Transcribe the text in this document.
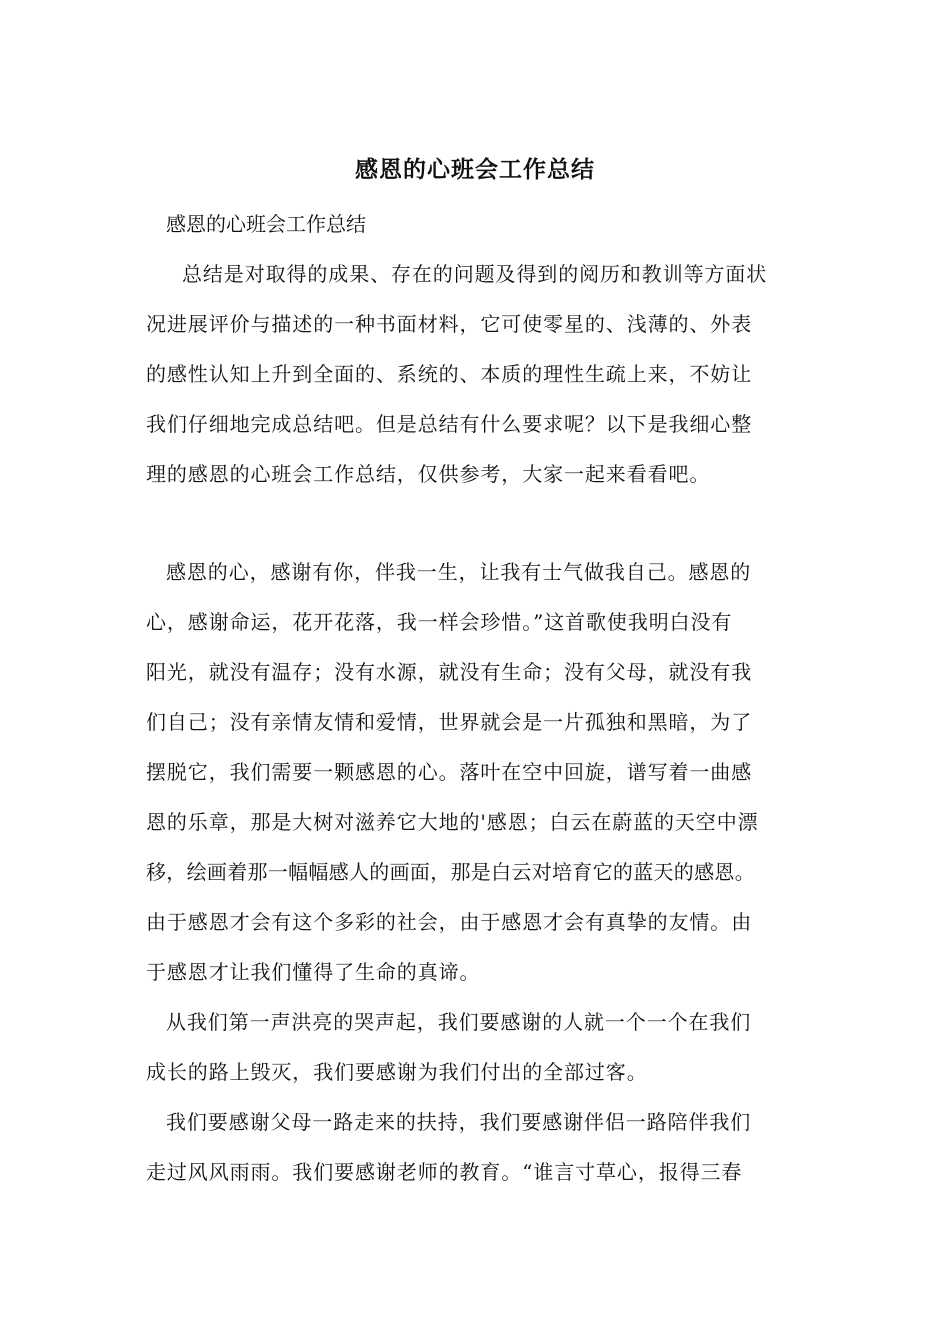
感恩的心班会工作总结
感恩的心班会工作总结
总结是对取得的成果、存在的问题及得到的阅历和教训等方面状
况进展评价与描述的一种书面材料，它可使零星的、浅薄的、外表
的感性认知上升到全面的、系统的、本质的理性生疏上来，不妨让
我们仔细地完成总结吧。但是总结有什么要求呢？以下是我细心整
理的感恩的心班会工作总结，仅供参考，大家一起来看看吧。
感恩的心，感谢有你，伴我一生，让我有士气做我自己。感恩的
心，感谢命运，花开花落，我一样会珍惜。”这首歌使我明白没有
阳光，就没有温存；没有水源，就没有生命；没有父母，就没有我
们自己；没有亲情友情和爱情，世界就会是一片孤独和黑暗，为了
摆脱它，我们需要一颗感恩的心。落叶在空中回旋，谱写着一曲感
恩的乐章，那是大树对滋养它大地的'感恩；白云在蔚蓝的天空中漂
移，绘画着那一幅幅感人的画面，那是白云对培育它的蓝天的感恩。
由于感恩才会有这个多彩的社会，由于感恩才会有真挚的友情。由
于感恩才让我们懂得了生命的真谛。
从我们第一声洪亮的哭声起，我们要感谢的人就一个一个在我们
成长的路上毁灭，我们要感谢为我们付出的全部过客。
我们要感谢父母一路走来的扶持，我们要感谢伴侣一路陪伴我们
走过风风雨雨。我们要感谢老师的教育。“谁言寸草心，报得三春
